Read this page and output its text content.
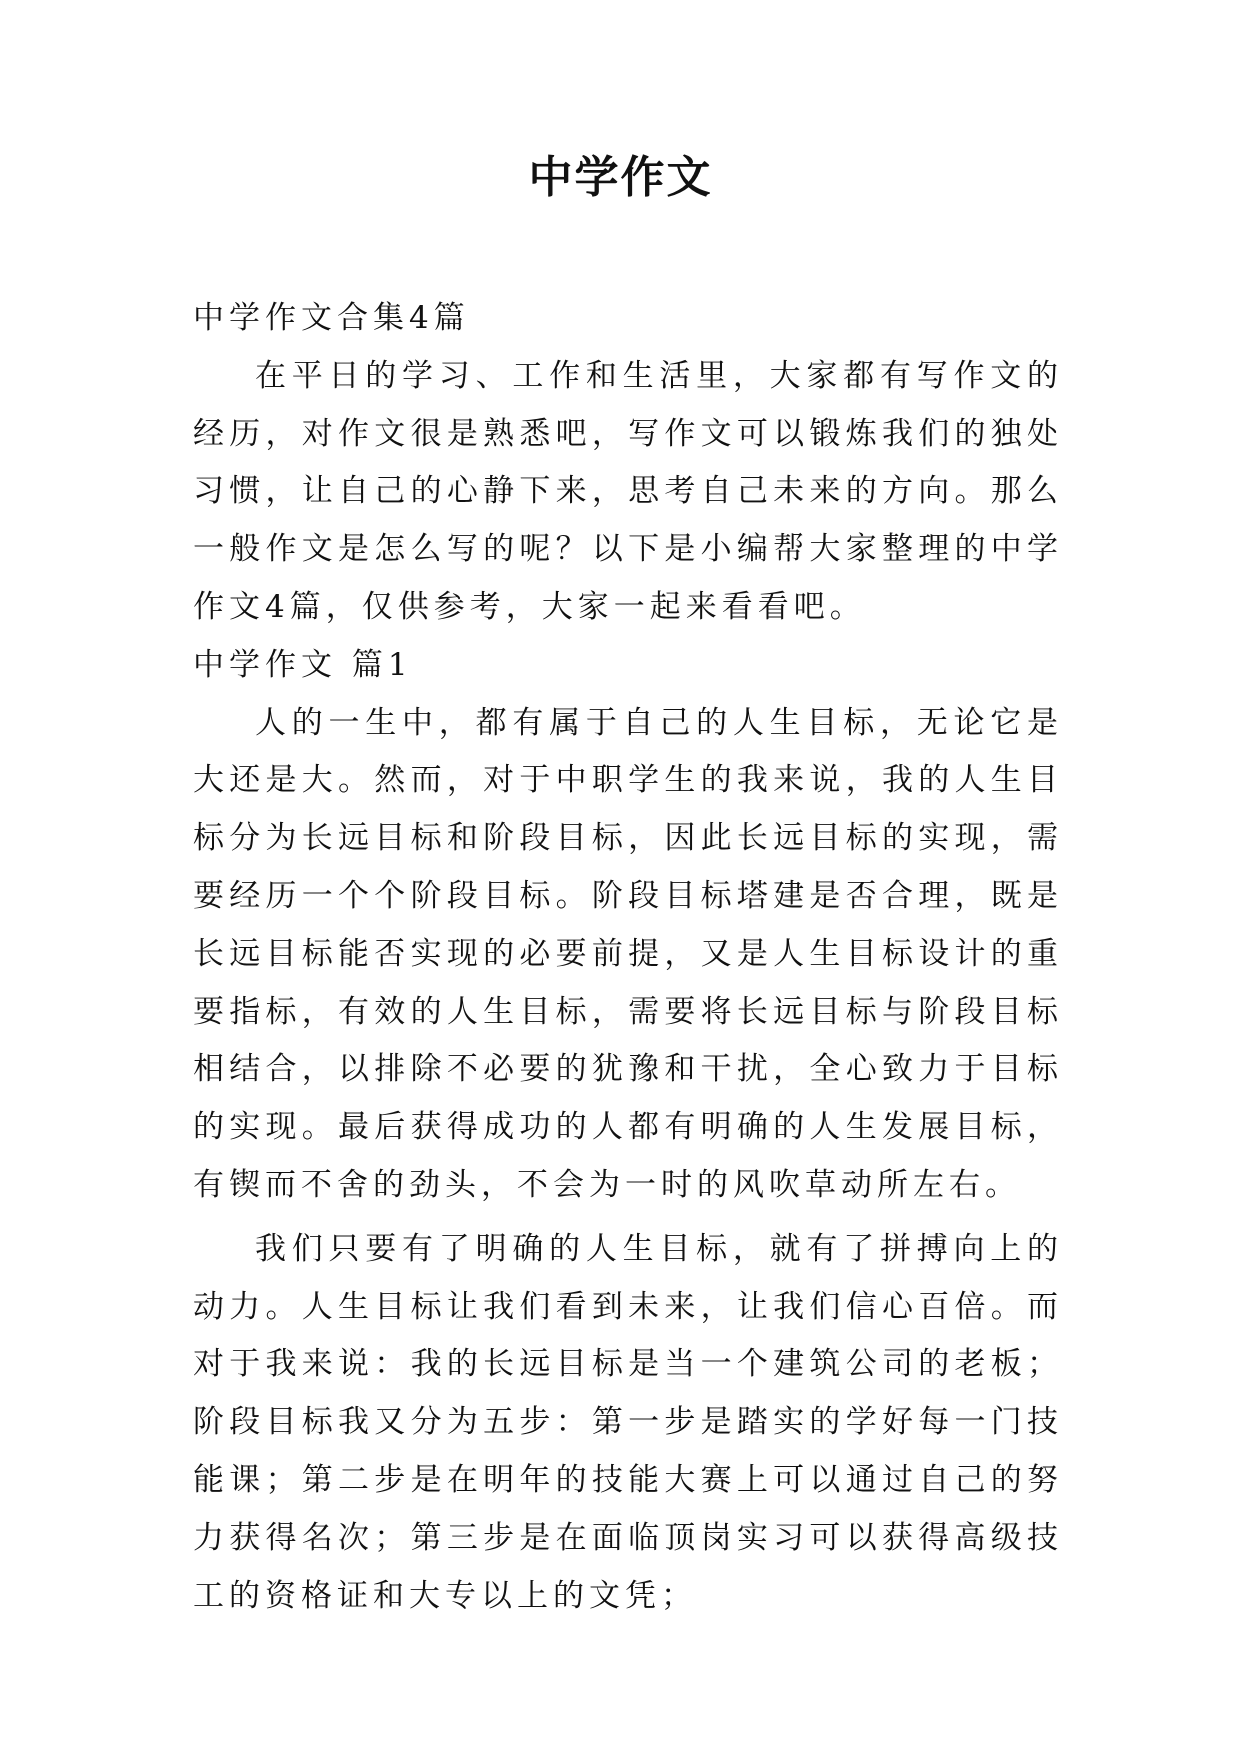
中学作文

中学作文合集4篇

在平日的学习、工作和生活里，大家都有写作文的经历，对作文很是熟悉吧，写作文可以锻炼我们的独处习惯，让自己的心静下来，思考自己未来的方向。那么一般作文是怎么写的呢？以下是小编帮大家整理的中学作文4篇，仅供参考，大家一起来看看吧。

中学作文 篇1

人的一生中，都有属于自己的人生目标，无论它是大还是大。然而，对于中职学生的我来说，我的人生目标分为长远目标和阶段目标，因此长远目标的实现，需要经历一个个阶段目标。阶段目标塔建是否合理，既是长远目标能否实现的必要前提，又是人生目标设计的重要指标，有效的人生目标，需要将长远目标与阶段目标相结合，以排除不必要的犹豫和干扰，全心致力于目标的实现。最后获得成功的人都有明确的人生发展目标，有锲而不舍的劲头，不会为一时的风吹草动所左右。

我们只要有了明确的人生目标，就有了拼搏向上的动力。人生目标让我们看到未来，让我们信心百倍。而对于我来说：我的长远目标是当一个建筑公司的老板；阶段目标我又分为五步：第一步是踏实的学好每一门技能课；第二步是在明年的技能大赛上可以通过自己的努力获得名次；第三步是在面临顶岗实习可以获得高级技工的资格证和大专以上的文凭；
